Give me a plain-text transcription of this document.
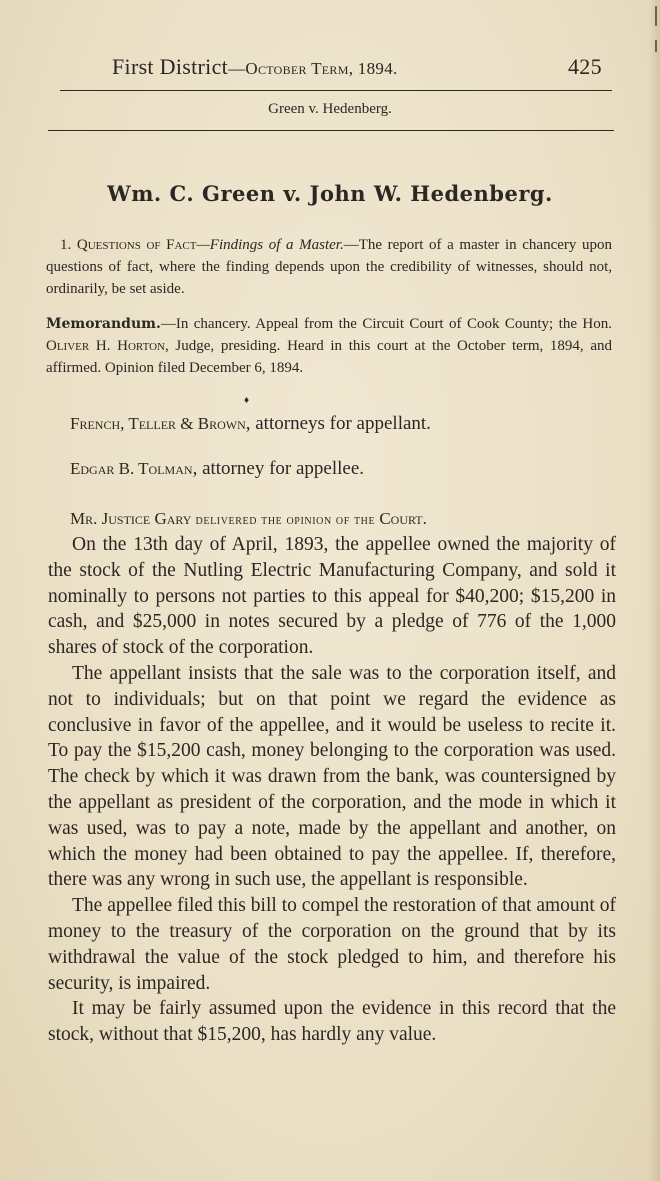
First District—October Term, 1894.	425
Green v. Hedenberg.
Wm. C. Green v. John W. Hedenberg.

1. Questions of Fact—Findings of a Master.—The report of a master in chancery upon questions of fact, where the finding depends upon the credibility of witnesses, should not, ordinarily, be set aside.

Memorandum.—In chancery. Appeal from the Circuit Court of Cook County; the Hon. Oliver H. Horton, Judge, presiding. Heard in this court at the October term, 1894, and affirmed. Opinion filed December 6, 1894.

♦
French, Teller & Brown, attorneys for appellant.
Edgar B. Tolman, attorney for appellee.
Mr. Justice Gary delivered the opinion of the Court.

On the 13th day of April, 1893, the appellee owned the majority of the stock of the Nutling Electric Manufacturing Company, and sold it nominally to persons not parties to this appeal for $40,200; $15,200 in cash, and $25,000 in notes secured by a pledge of 776 of the 1,000 shares of stock of the corporation.

The appellant insists that the sale was to the corporation itself, and not to individuals; but on that point we regard the evidence as conclusive in favor of the appellee, and it would be useless to recite it. To pay the $15,200 cash, money belonging to the corporation was used. The check by which it was drawn from the bank, was countersigned by the appellant as president of the corporation, and the mode in which it was used, was to pay a note, made by the appellant and another, on which the money had been obtained to pay the appellee. If, therefore, there was any wrong in such use, the appellant is responsible.

The appellee filed this bill to compel the restoration of that amount of money to the treasury of the corporation on the ground that by its withdrawal the value of the stock pledged to him, and therefore his security, is impaired.

It may be fairly assumed upon the evidence in this record that the stock, without that $15,200, has hardly any value.
